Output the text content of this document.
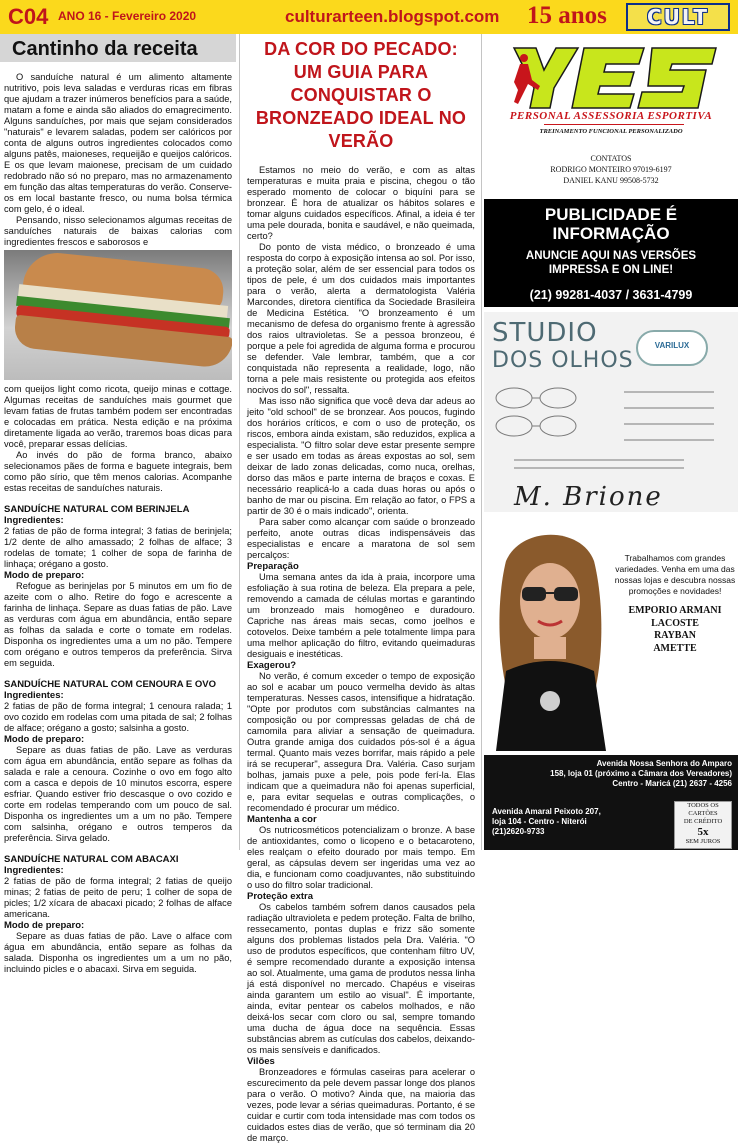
C04 ANO 16 - Fevereiro 2020	culturarteen.blogspot.com 15 anos	CULT
Cantinho da receita

O sanduíche natural é um alimento altamente nutritivo, pois leva saladas e verduras ricas em fibras que ajudam a trazer inúmeros benefícios para a saúde, matam a fome e ainda são aliados do emagrecimento. Alguns sanduíches, por mais que sejam considerados "naturais" e levarem saladas, podem ser calóricos por conta de alguns outros ingredientes colocados como alguns patês, maioneses, requeijão e queijos calóricos. E os que levam maionese, precisam de um cuidado redobrado não só no preparo, mas no armazenamento em função das altas temperaturas do verão. Conserve-os em local bastante fresco, ou numa bolsa térmica com gelo, é o ideal.

Pensando, nisso selecionamos algumas receitas de sanduíches naturais de baixas calorias com ingredientes frescos e saborosos e

com queijos light como ricota, queijo minas e cottage. Algumas receitas de sanduíches mais gourmet que levam fatias de frutas também podem ser encontradas e colocadas em prática. Nesta edição e na próxima diretamente ligada ao verão, traremos boas dicas para você, preparar essas delícias.

Ao invés do pão de forma branco, abaixo selecionamos pães de forma e baguete integrais, bem como pão sírio, que têm menos calorias. Acompanhe estas receitas de sanduíches naturais.

SANDUÍCHE NATURAL COM BERINJELA
Ingredientes:

2 fatias de pão de forma integral; 3 fatias de berinjela; 1/2 dente de alho amassado; 2 folhas de alface; 3 rodelas de tomate; 1 colher de sopa de farinha de linhaça; orégano a gosto.

Modo de preparo:

Refogue as berinjelas por 5 minutos em um fio de azeite com o alho. Retire do fogo e acrescente a farinha de linhaça. Separe as duas fatias de pão. Lave as verduras com água em abundância, então separe as folhas da salada e corte o tomate em rodelas. Disponha os ingredientes uma a um no pão. Tempere com orégano e outros temperos da preferência. Sirva em seguida.

SANDUÍCHE NATURAL COM CENOURA E OVO
Ingredientes:

2 fatias de pão de forma integral; 1 cenoura ralada; 1 ovo cozido em rodelas com uma pitada de sal; 2 folhas de alface; orégano a gosto; salsinha a gosto.

Modo de preparo:

Separe as duas fatias de pão. Lave as verduras com água em abundância, então separe as folhas da salada e rale a cenoura. Cozinhe o ovo em fogo alto com a casca e depois de 10 minutos escorra, espere esfriar. Quando estiver frio descasque o ovo cozido e corte em rodelas temperando com um pouco de sal. Disponha os ingredientes um a um no pão. Tempere com salsinha, orégano e outros temperos da preferência. Sirva gelado.

SANDUÍCHE NATURAL COM ABACAXI
Ingredientes:

2 fatias de pão de forma integral; 2 fatias de queijo minas; 2 fatias de peito de peru; 1 colher de sopa de picles; 1/2 xícara de abacaxi picado; 2 folhas de alface americana.

Modo de preparo:

Separe as duas fatias de pão. Lave o alface com água em abundância, então separe as folhas da salada. Disponha os ingredientes um a um no pão, incluindo picles e o abacaxi. Sirva em seguida.

DA COR DO PECADO: UM GUIA PARA CONQUISTAR O BRONZEADO IDEAL NO VERÃO

Estamos no meio do verão, e com as altas temperaturas e muita praia e piscina, chegou o tão esperado momento de colocar o biquíni para se bronzear. É hora de atualizar os hábitos solares e tomar alguns cuidados específicos. Afinal, a ideia é ter uma pele dourada, bonita e saudável, e não queimada, certo?

Do ponto de vista médico, o bronzeado é uma resposta do corpo à exposição intensa ao sol. Por isso, a proteção solar, além de ser essencial para todos os tipos de pele, é um dos cuidados mais importantes para o verão, alerta a dermatologista Valéria Marcondes, diretora científica da Sociedade Brasileira de Medicina Estética. "O bronzeamento é um mecanismo de defesa do organismo frente à agressão dos raios ultravioletas. Se a pessoa bronzeou, é porque a pele foi agredida de alguma forma e procurou se defender. Vale lembrar, também, que a cor conquistada não representa a realidade, logo, não torna a pele mais resistente ou protegida aos efeitos nocivos do sol", ressalta.

Mas isso não significa que você deva dar adeus ao jeito "old school" de se bronzear. Aos poucos, fugindo dos horários críticos, e com o uso de proteção, os riscos, embora ainda existam, são reduzidos, explica a especialista. "O filtro solar deve estar presente sempre e ser usado em todas as áreas expostas ao sol, sem deixar de lado zonas delicadas, como nuca, orelhas, dorso das mãos e parte interna de braços e coxas. E necessário reaplicá-lo a cada duas horas ou após o banho de mar ou piscina. Em relação ao fator, o FPS a partir de 30 é o mais indicado", orienta.

Para saber como alcançar com saúde o bronzeado perfeito, anote outras dicas indispensáveis das especialistas e encare a maratona de sol sem percalços:

Preparação

Uma semana antes da ida à praia, incorpore uma esfoliação à sua rotina de beleza. Ela prepara a pele, removendo a camada de células mortas e garantindo um bronzeado mais homogêneo e duradouro. Capriche nas áreas mais secas, como joelhos e cotovelos. Deixe também a pele totalmente limpa para uma melhor aplicação do filtro, evitando queimaduras desiguais e inestéticas.

Exagerou?

No verão, é comum exceder o tempo de exposição ao sol e acabar um pouco vermelha devido às altas temperaturas. Nesses casos, intensifique a hidratação. "Opte por produtos com substâncias calmantes na composição ou por compressas geladas de chá de camomila para aliviar a sensação de queimadura. Outra grande amiga dos cuidados pós-sol é a água termal. Quanto mais vezes borrifar, mais rápido a pele irá se recuperar", assegura Dra. Valéria. Caso surjam bolhas, jamais puxe a pele, pois pode ferí-la. Elas indicam que a queimadura não foi apenas superficial, e, para evitar sequelas e outras complicações, o recomendado é procurar um médico.

Mantenha a cor

Os nutricosméticos potencializam o bronze. A base de antioxidantes, como o licopeno e o betacaroteno, eles realçam o efeito dourado por mais tempo. Em geral, as cápsulas devem ser ingeridas uma vez ao dia, e funcionam como coadjuvantes, não substituindo o uso do filtro solar tradicional.

Proteção extra

Os cabelos também sofrem danos causados pela radiação ultravioleta e pedem proteção. Falta de brilho, ressecamento, pontas duplas e frizz são somente alguns dos problemas listados pela Dra. Valéria. "O uso de produtos específicos, que contenham filtro UV, é sempre recomendado durante a exposição intensa ao sol. Atualmente, uma gama de produtos nessa linha já está disponível no mercado. Chapéus e viseiras ainda garantem um estilo ao visual". É importante, ainda, evitar pentear os cabelos molhados, e não deixá-los secar com cloro ou sal, sempre tomando uma ducha de água doce na sequência. Essas substâncias abrem as cutículas dos cabelos, deixando-os mais sensíveis e danificados.

Vilões

Bronzeadores e fórmulas caseiras para acelerar o escurecimento da pele devem passar longe dos planos para o verão. O motivo? Ainda que, na maioria das vezes, pode levar a sérias queimaduras. Portanto, é se cuidar e curtir com toda intensidade mas com todos os cuidados estes dias de verão, que só terminam dia 20 de março.

PERSONAL ASSESSORIA ESPORTIVA
TREINAMENTO FUNCIONAL PERSONALIZADO
CONTATOS
RODRIGO MONTEIRO 97019-6197
DANIEL KANU 99508-5732
PUBLICIDADE É
INFORMAÇÃO
ANUNCIE AQUI NAS VERSÕES
IMPRESSA E ON LINE!
(21) 99281-4037 / 3631-4799
STUDIO
DOS OLHOS
VARILUX
M. Brione
Trabalhamos com grandes variedades. Venha em uma das nossas lojas e descubra nossas promoções e novidades!
EMPORIO ARMANI
LACOSTE
RAYBAN
AMETTE
Avenida Nossa Senhora do Amparo
158, loja 01 (próximo a Câmara dos Vereadores)
Centro - Maricá (21) 2637 - 4256
Avenida Amaral Peixoto 207,
loja 104 - Centro - Niterói
(21)2620-9733
TODOS OS
CARTÕES
DE CRÉDITO
5x
SEM JUROS
